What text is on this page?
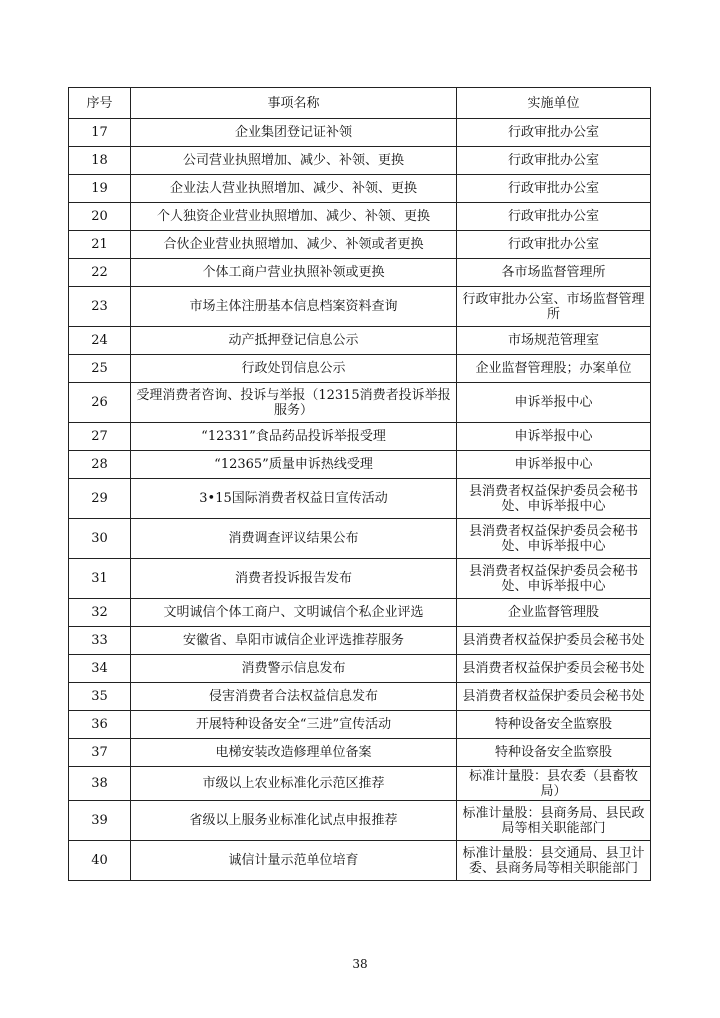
序号	事项名称	实施单位
17	企业集团登记证补领	行政审批办公室
18	公司营业执照增加、减少、补领、更换	行政审批办公室
19	企业法人营业执照增加、减少、补领、更换	行政审批办公室
20	个人独资企业营业执照增加、减少、补领、更换	行政审批办公室
21	合伙企业营业执照增加、减少、补领或者更换	行政审批办公室
22	个体工商户营业执照补领或更换	各市场监督管理所
23	市场主体注册基本信息档案资料查询	行政审批办公室、市场监督管理所
24	动产抵押登记信息公示	市场规范管理室
25	行政处罚信息公示	企业监督管理股；办案单位
26	受理消费者咨询、投诉与举报（12315消费者投诉举报服务）	申诉举报中心
27	“12331”食品药品投诉举报受理	申诉举报中心
28	“12365”质量申诉热线受理	申诉举报中心
29	3•15国际消费者权益日宣传活动	县消费者权益保护委员会秘书处、申诉举报中心
30	消费调查评议结果公布	县消费者权益保护委员会秘书处、申诉举报中心
31	消费者投诉报告发布	县消费者权益保护委员会秘书处、申诉举报中心
32	文明诚信个体工商户、文明诚信个私企业评选	企业监督管理股
33	安徽省、阜阳市诚信企业评选推荐服务	县消费者权益保护委员会秘书处
34	消费警示信息发布	县消费者权益保护委员会秘书处
35	侵害消费者合法权益信息发布	县消费者权益保护委员会秘书处
36	开展特种设备安全“三进”宣传活动	特种设备安全监察股
37	电梯安装改造修理单位备案	特种设备安全监察股
38	市级以上农业标准化示范区推荐	标准计量股：县农委（县畜牧局）
39	省级以上服务业标准化试点申报推荐	标准计量股：县商务局、县民政局等相关职能部门
40	诚信计量示范单位培育	标准计量股：县交通局、县卫计委、县商务局等相关职能部门
38
